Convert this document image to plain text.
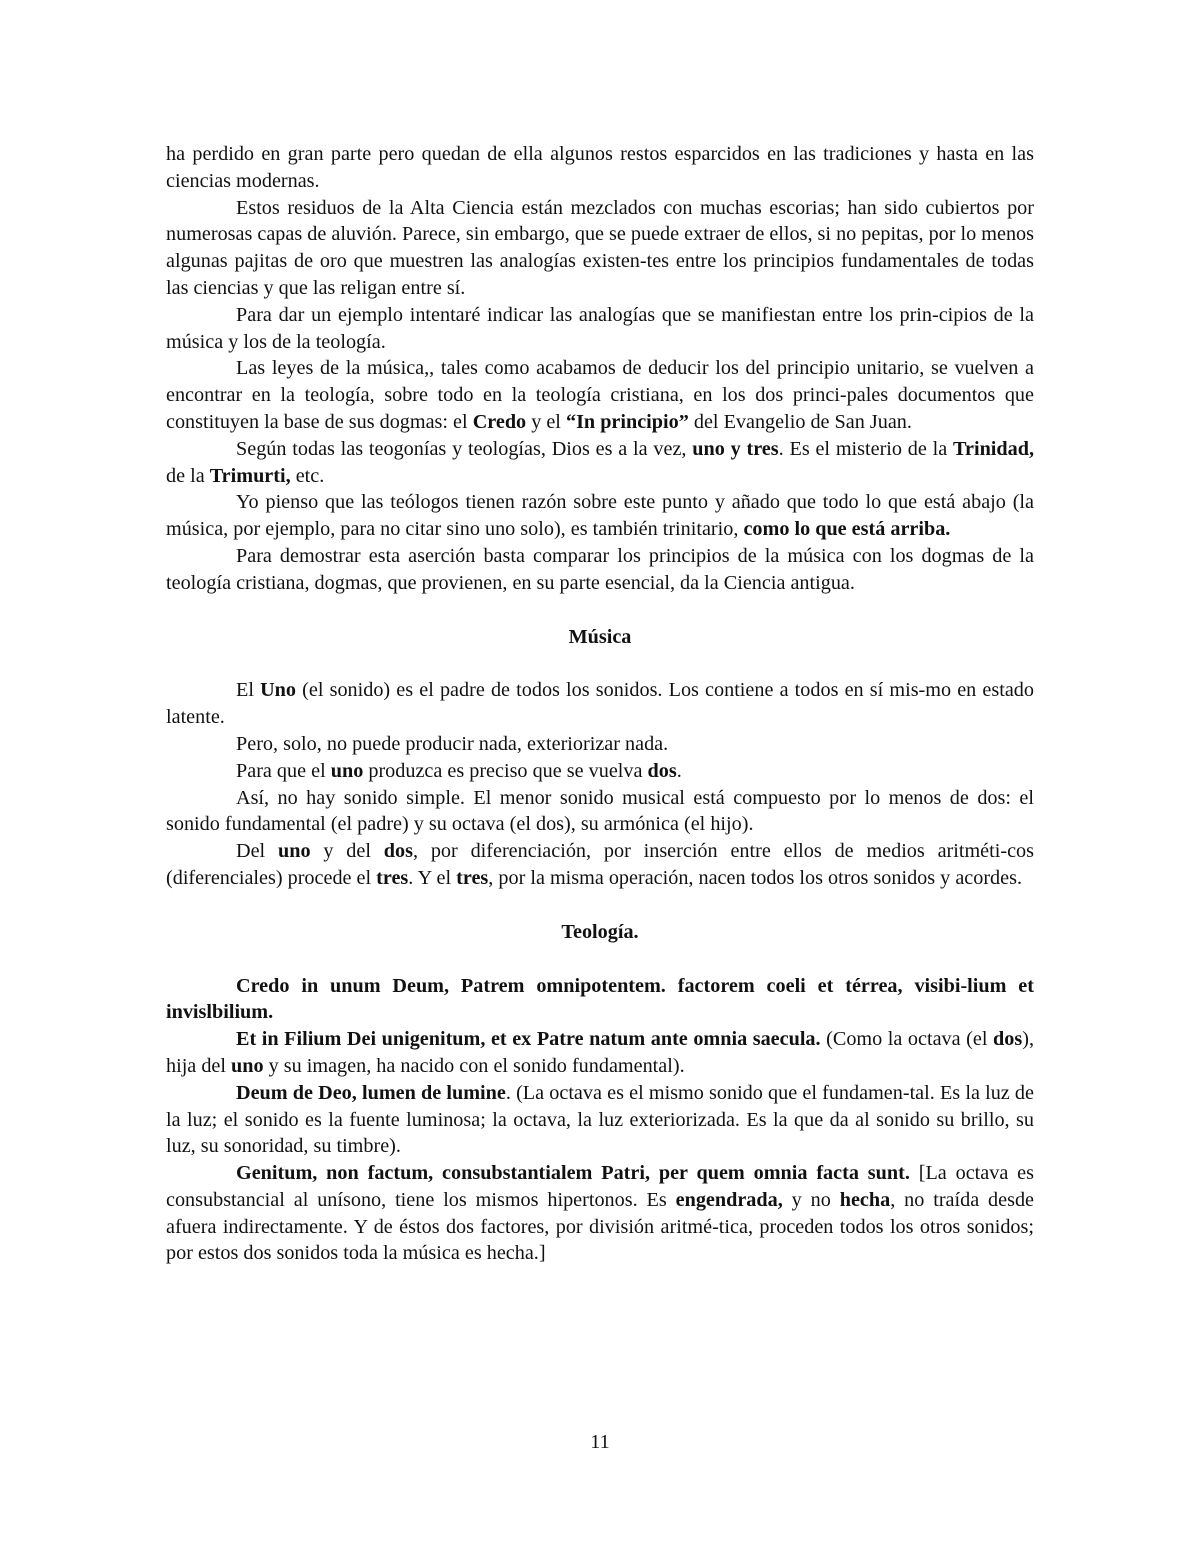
ha perdido en gran parte pero quedan de ella algunos restos esparcidos en las tradiciones y hasta en las ciencias modernas.

Estos residuos de la Alta Ciencia están mezclados con muchas escorias; han sido cubiertos por numerosas capas de aluvión. Parece, sin embargo, que se puede extraer de ellos, si no pepitas, por lo menos algunas pajitas de oro que muestren las analogías existen-tes entre los principios fundamentales de todas las ciencias y que las religan entre sí.

Para dar un ejemplo intentaré indicar las analogías que se manifiestan entre los prin-cipios de la música y los de la teología.

Las leyes de la música,, tales como acabamos de deducir los del principio unitario, se vuelven a encontrar en la teología, sobre todo en la teología cristiana, en los dos princi-pales documentos que constituyen la base de sus dogmas: el Credo y el “In principio” del Evangelio de San Juan.

Según todas las teogonías y teologías, Dios es a la vez, uno y tres. Es el misterio de la Trinidad, de la Trimurti, etc.

Yo pienso que las teólogos tienen razón sobre este punto y añado que todo lo que está abajo (la música, por ejemplo, para no citar sino uno solo), es también trinitario, como lo que está arriba.

Para demostrar esta aserción basta comparar los principios de la música con los dogmas de la teología cristiana, dogmas, que provienen, en su parte esencial, da la Ciencia antigua.

Música

El Uno (el sonido) es el padre de todos los sonidos. Los contiene a todos en sí mis-mo en estado latente.

Pero, solo, no puede producir nada, exteriorizar nada.

Para que el uno produzca es preciso que se vuelva dos.

Así, no hay sonido simple. El menor sonido musical está compuesto por lo menos de dos: el sonido fundamental (el padre) y su octava (el dos), su armónica (el hijo).

Del uno y del dos, por diferenciación, por inserción entre ellos de medios aritméti-cos (diferenciales) procede el tres. Y el tres, por la misma operación, nacen todos los otros sonidos y acordes.

Teología.

Credo in unum Deum, Patrem omnipotentem. factorem coeli et térrea, visibi-lium et invislbilium.

Et in Filium Dei unigenitum, et ex Patre natum ante omnia saecula. (Como la octava (el dos), hija del uno y su imagen, ha nacido con el sonido fundamental).

Deum de Deo, lumen de lumine. (La octava es el mismo sonido que el fundamen-tal. Es la luz de la luz; el sonido es la fuente luminosa; la octava, la luz exteriorizada. Es la que da al sonido su brillo, su luz, su sonoridad, su timbre).

Genitum, non factum, consubstantialem Patri, per quem omnia facta sunt. [La octava es consubstancial al unísono, tiene los mismos hipertonos. Es engendrada, y no hecha, no traída desde afuera indirectamente. Y de éstos dos factores, por división aritmé-tica, proceden todos los otros sonidos; por estos dos sonidos toda la música es hecha.]

11
